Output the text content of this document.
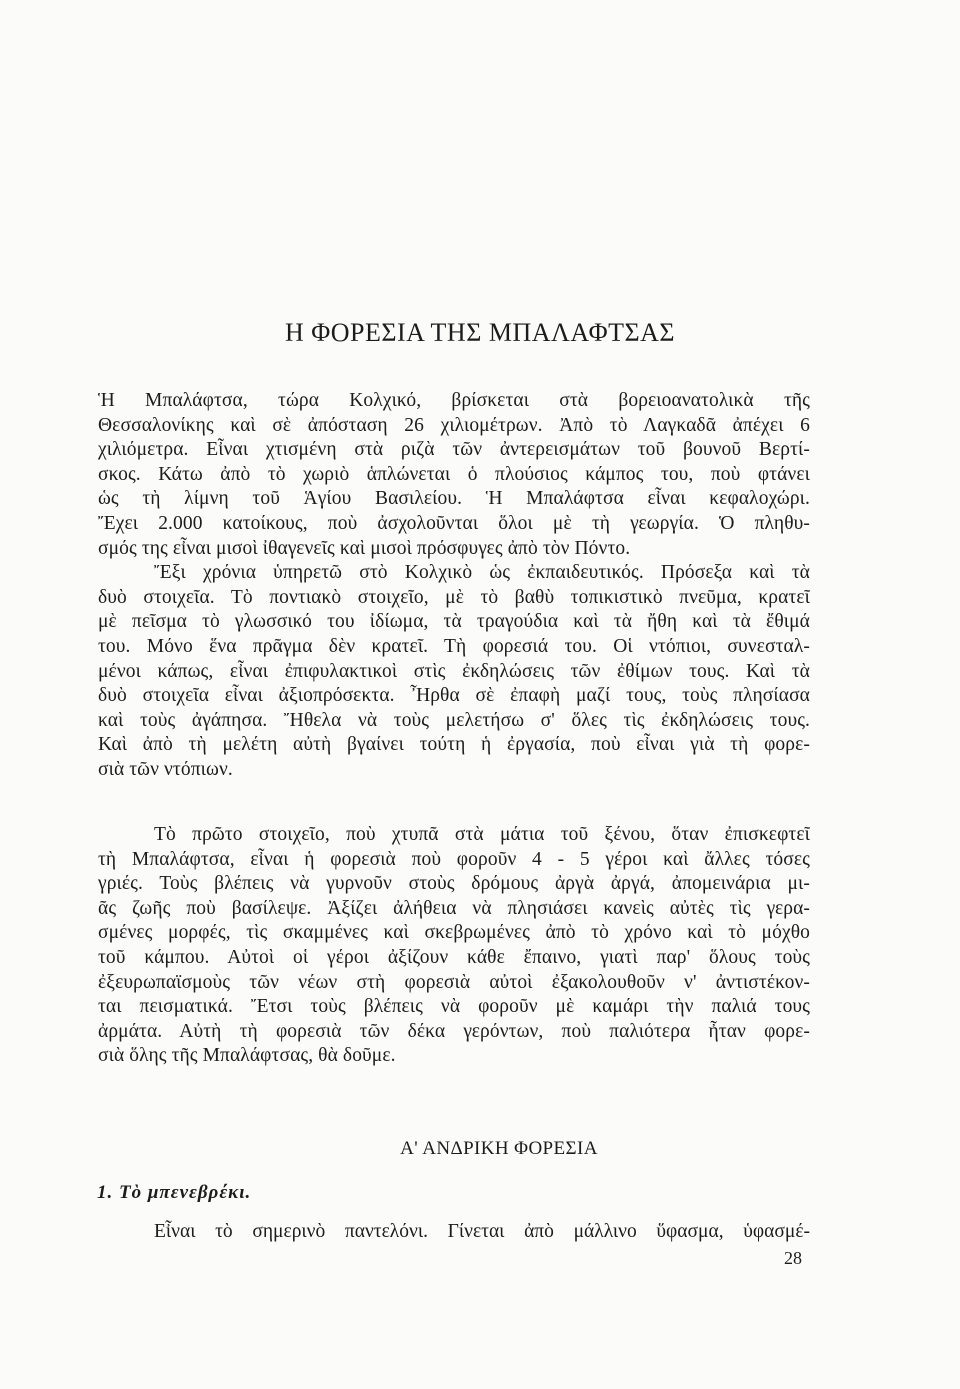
Η ΦΟΡΕΣΙΑ ΤΗΣ ΜΠΑΛΑΦΤΣΑΣ
Ἡ Μπαλάφτσα, τώρα Κολχικό, βρίσκεται στὰ βορειοανατολικὰ τῆς
Θεσσαλονίκης καὶ σὲ ἀπόσταση 26 χιλιομέτρων. Ἀπὸ τὸ Λαγκαδᾶ ἀπέχει 6
χιλιόμετρα. Εἶναι χτισμένη στὰ ριζὰ τῶν ἀντερεισμάτων τοῦ βουνοῦ Βερτί-
σκος. Κάτω ἀπὸ τὸ χωριὸ ἁπλώνεται ὁ πλούσιος κάμπος του, ποὺ φτάνει
ὡς τὴ λίμνη τοῦ Ἁγίου Βασιλείου. Ἡ Μπαλάφτσα εἶναι κεφαλοχώρι.
Ἔχει 2.000 κατοίκους, ποὺ ἀσχολοῦνται ὅλοι μὲ τὴ γεωργία. Ὁ πληθυ-
σμός της εἶναι μισοὶ ἰθαγενεῖς καὶ μισοὶ πρόσφυγες ἀπὸ τὸν Πόντο.
Ἔξι χρόνια ὑπηρετῶ στὸ Κολχικὸ ὡς ἐκπαιδευτικός. Πρόσεξα καὶ τὰ
δυὸ στοιχεῖα. Τὸ ποντιακὸ στοιχεῖο, μὲ τὸ βαθὺ τοπικιστικὸ πνεῦμα, κρατεῖ
μὲ πεῖσμα τὸ γλωσσικό του ἰδίωμα, τὰ τραγούδια καὶ τὰ ἤθη καὶ τὰ ἔθιμά
του. Μόνο ἕνα πρᾶγμα δὲν κρατεῖ. Τὴ φορεσιά του. Οἱ ντόπιοι, συνεσταλ-
μένοι κάπως, εἶναι ἐπιφυλακτικοὶ στὶς ἐκδηλώσεις τῶν ἐθίμων τους. Καὶ τὰ
δυὸ στοιχεῖα εἶναι ἀξιοπρόσεκτα. Ἦρθα σὲ ἐπαφὴ μαζί τους, τοὺς πλησίασα
καὶ τοὺς ἀγάπησα. Ἤθελα νὰ τοὺς μελετήσω σ' ὅλες τὶς ἐκδηλώσεις τους.
Καὶ ἀπὸ τὴ μελέτη αὐτὴ βγαίνει τούτη ἡ ἐργασία, ποὺ εἶναι γιὰ τὴ φορε-
σιὰ τῶν ντόπιων.
Τὸ πρῶτο στοιχεῖο, ποὺ χτυπᾶ στὰ μάτια τοῦ ξένου, ὅταν ἐπισκεφτεῖ
τὴ Μπαλάφτσα, εἶναι ἡ φορεσιὰ ποὺ φοροῦν 4 - 5 γέροι καὶ ἄλλες τόσες
γριές. Τοὺς βλέπεις νὰ γυρνοῦν στοὺς δρόμους ἀργὰ ἀργά, ἀπομεινάρια μι-
ᾶς ζωῆς ποὺ βασίλεψε. Ἀξίζει ἀλήθεια νὰ πλησιάσει κανεὶς αὐτὲς τὶς γερα-
σμένες μορφές, τὶς σκαμμένες καὶ σκεβρωμένες ἀπὸ τὸ χρόνο καὶ τὸ μόχθο
τοῦ κάμπου. Αὐτοὶ οἱ γέροι ἀξίζουν κάθε ἔπαινο, γιατὶ παρ' ὅλους τοὺς
ἐξευρωπαϊσμοὺς τῶν νέων στὴ φορεσιὰ αὐτοὶ ἐξακολουθοῦν ν' ἀντιστέκον-
ται πεισματικά. Ἔτσι τοὺς βλέπεις νὰ φοροῦν μὲ καμάρι τὴν παλιά τους
ἀρμάτα. Αὐτὴ τὴ φορεσιὰ τῶν δέκα γερόντων, ποὺ παλιότερα ἦταν φορε-
σιὰ ὅλης τῆς Μπαλάφτσας, θὰ δοῦμε.
Α' ΑΝΔΡΙΚΗ ΦΟΡΕΣΙΑ
1. Τὸ μπενεβρέκι.
Εἶναι τὸ σημερινὸ παντελόνι. Γίνεται ἀπὸ μάλλινο ὕφασμα, ὑφασμέ-
28
